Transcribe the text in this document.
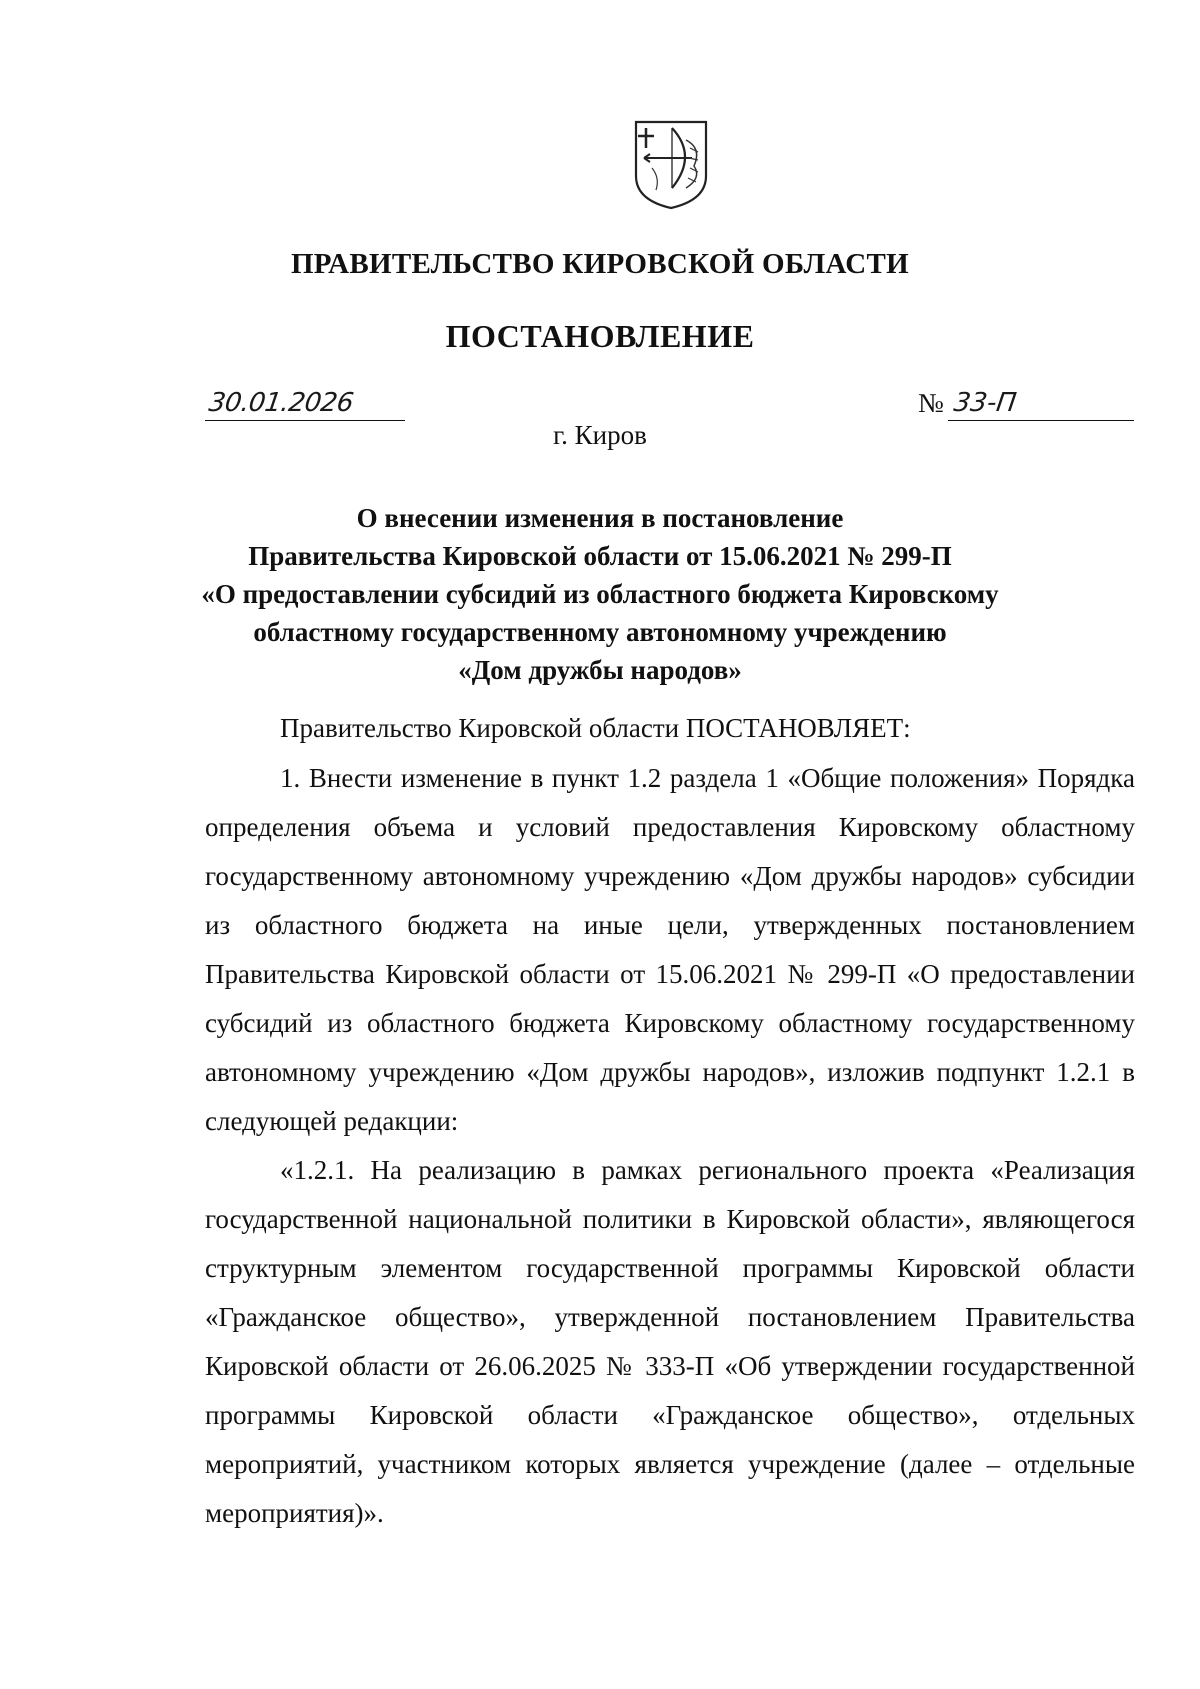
ПРАВИТЕЛЬСТВО КИРОВСКОЙ ОБЛАСТИ
ПОСТАНОВЛЕНИЕ
30.01.2026	№ 33-П
г. Киров
О внесении изменения в постановление
Правительства Кировской области от 15.06.2021 № 299-П
«О предоставлении субсидий из областного бюджета Кировскому
областному государственному автономному учреждению
«Дом дружбы народов»
Правительство Кировской области ПОСТАНОВЛЯЕТ:
1. Внести изменение в пункт 1.2 раздела 1 «Общие положения» Порядка определения объема и условий предоставления Кировскому областному государственному автономному учреждению «Дом дружбы народов» субсидии из областного бюджета на иные цели, утвержденных постановлением Правительства Кировской области от 15.06.2021 № 299-П «О предоставлении субсидий из областного бюджета Кировскому областному государственному автономному учреждению «Дом дружбы народов», изложив подпункт 1.2.1 в следующей редакции:
«1.2.1. На реализацию в рамках регионального проекта «Реализация государственной национальной политики в Кировской области», являющегося структурным элементом государственной программы Кировской области «Гражданское общество», утвержденной постановлением Правительства Кировской области от 26.06.2025 № 333-П «Об утверждении государственной программы Кировской области «Гражданское общество», отдельных мероприятий, участником которых является учреждение (далее – отдельные мероприятия)».
